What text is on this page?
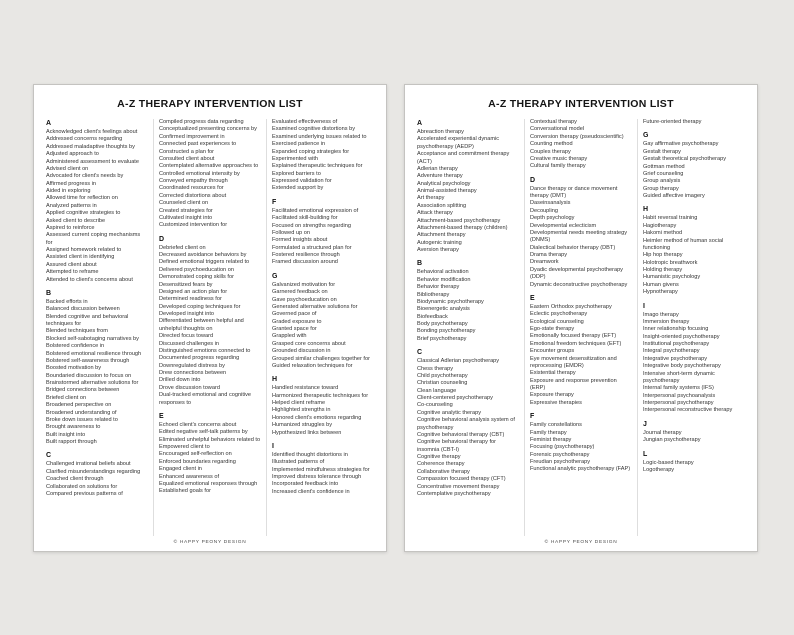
A-Z THERAPY INTERVENTION LIST
A
Acknowledged client's feelings about
Addressed concerns regarding
Addressed maladaptive thoughts by
Adjusted approach to
Administered assessment to evaluate
Advised client on
Advocated for client's needs by
Affirmed progress in
Aided in exploring
Allowed time for reflection on
Analyzed patterns in
Applied cognitive strategies to
Asked client to describe
Aspired to reinforce
Assessed current coping mechanisms for
Assigned homework related to
Assisted client in identifying
Assured client about
Attempted to reframe
Attended to client's concerns about
B
Backed efforts in
Balanced discussion between
Blended cognitive and behavioral techniques for
Blended techniques from
Blocked self-sabotaging narratives by
Bolstered confidence in
Bolstered emotional resilience through
Bolstered self-awareness through
Boosted motivation by
Boundaried discussion to focus on
Brainstormed alternative solutions for
Bridged connections between
Briefed client on
Broadened perspective on
Broadened understanding of
Broke down issues related to
Brought awareness to
Built insight into
Built rapport through
C
Challenged irrational beliefs about
Clarified misunderstandings regarding
Coached client through
Collaborated on solutions for
Compared previous patterns of
Compiled progress data regarding
Conceptualized presenting concerns by
Confirmed improvement in
Connected past experiences to
Constructed a plan for
Consulted client about
Contemplated alternative approaches to
Controlled emotional intensity by
Conveyed empathy through
Coordinated resources for
Corrected distortions about
Counseled client on
Created strategies for
Cultivated insight into
Customized intervention for
D
Debriefed client on
Decreased avoidance behaviors by
Defined emotional triggers related to
Delivered psychoeducation on
Demonstrated coping skills for
Desensitized fears by
Designed an action plan for
Determined readiness for
Developed coping techniques for
Developed insight into
Differentiated between helpful and unhelpful thoughts on
Directed focus toward
Discussed challenges in
Distinguished emotions connected to
Documented progress regarding
Downregulated distress by
Drew connections between
Drilled down into
Drove discussion toward
Dual-tracked emotional and cognitive responses to
E
Echoed client's concerns about
Edited negative self-talk patterns by
Eliminated unhelpful behaviors related to
Empowered client to
Encouraged self-reflection on
Enforced boundaries regarding
Engaged client in
Enhanced awareness of
Equalized emotional responses through
Established goals for
Evaluated effectiveness of
Examined cognitive distortions by
Examined underlying issues related to
Exercised patience in
Expanded coping strategies for
Experimented with
Explained therapeutic techniques for
Explored barriers to
Expressed validation for
Extended support by
F
Facilitated emotional expression of
Facilitated skill-building for
Focused on strengths regarding
Followed up on
Formed insights about
Formulated a structured plan for
Fostered resilience through
Framed discussion around
G
Galvanized motivation for
Garnered feedback on
Gave psychoeducation on
Generated alternative solutions for
Governed pace of
Graded exposure to
Granted space for
Grappled with
Grasped core concerns about
Grounded discussion in
Grouped similar challenges together for
Guided relaxation techniques for
H
Handled resistance toward
Harmonized therapeutic techniques for
Helped client reframe
Highlighted strengths in
Honored client's emotions regarding
Humanized struggles by
Hypothesized links between
I
Identified thought distortions in
Illustrated patterns of
Implemented mindfulness strategies for
Improved distress tolerance through
Incorporated feedback into
Increased client's confidence in
© HAPPY PEONY DESIGN
A-Z THERAPY INTERVENTION LIST
A
Abreaction therapy
Accelerated experiential dynamic psychotherapy (AEDP)
Acceptance and commitment therapy (ACT)
Adlerian therapy
Adventure therapy
Analytical psychology
Animal-assisted therapy
Art therapy
Association splitting
Attack therapy
Attachment-based psychotherapy
Attachment-based therapy (children)
Attachment therapy
Autogenic training
Aversion therapy
B
Behavioral activation
Behavior modification
Behavior therapy
Bibliotherapy
Biodynamic psychotherapy
Bioenergetic analysis
Biofeedback
Body psychotherapy
Bonding psychotherapy
Brief psychotherapy
C
Classical Adlerian psychotherapy
Chess therapy
Child psychotherapy
Christian counseling
Clean language
Client-centered psychotherapy
Co-counseling
Cognitive analytic therapy
Cognitive behavioral analysis system of psychotherapy
Cognitive behavioral therapy (CBT)
Cognitive behavioral therapy for insomnia (CBT-I)
Cognitive therapy
Coherence therapy
Collaborative therapy
Compassion focused therapy (CFT)
Concentrative movement therapy
Contemplative psychotherapy
Contextual therapy
Conversational model
Conversion therapy (pseudoscientific)
Counting method
Couples therapy
Creative music therapy
Cultural family therapy
D
Dance therapy or dance movement therapy (DMT)
Daseinsanalysis
Decoupling
Depth psychology
Developmental eclecticism
Developmental needs meeting strategy (DNMS)
Dialectical behavior therapy (DBT)
Drama therapy
Dreamwork
Dyadic developmental psychotherapy (DDP)
Dynamic deconstructive psychotherapy
E
Eastern Orthodox psychotherapy
Eclectic psychotherapy
Ecological counseling
Ego-state therapy
Emotionally focused therapy (EFT)
Emotional freedom techniques (EFT)
Encounter groups
Eye movement desensitization and reprocessing (EMDR)
Existential therapy
Exposure and response prevention (ERP)
Exposure therapy
Expressive therapies
F
Family constellations
Family therapy
Feminist therapy
Focusing (psychotherapy)
Forensic psychotherapy
Freudian psychotherapy
Functional analytic psychotherapy (FAP)
Future-oriented therapy
G
Gay affirmative psychotherapy
Gestalt therapy
Gestalt theoretical psychotherapy
Gottman method
Grief counseling
Group analysis
Group therapy
Guided affective imagery
H
Habit reversal training
Hagiotherapy
Hakomi method
Heimler method of human social functioning
Hip hop therapy
Holotropic breathwork
Holding therapy
Humanistic psychology
Human givens
Hypnotherapy
I
Imago therapy
Immersion therapy
Inner relationship focusing
Insight-oriented psychotherapy
Institutional psychotherapy
Integral psychotherapy
Integrative psychotherapy
Integrative body psychotherapy
Intensive short-term dynamic psychotherapy
Internal family systems (IFS)
Interpersonal psychoanalysis
Interpersonal psychotherapy
Interpersonal reconstructive therapy
J
Journal therapy
Jungian psychotherapy
L
Logic-based therapy
Logotherapy
© HAPPY PEONY DESIGN
